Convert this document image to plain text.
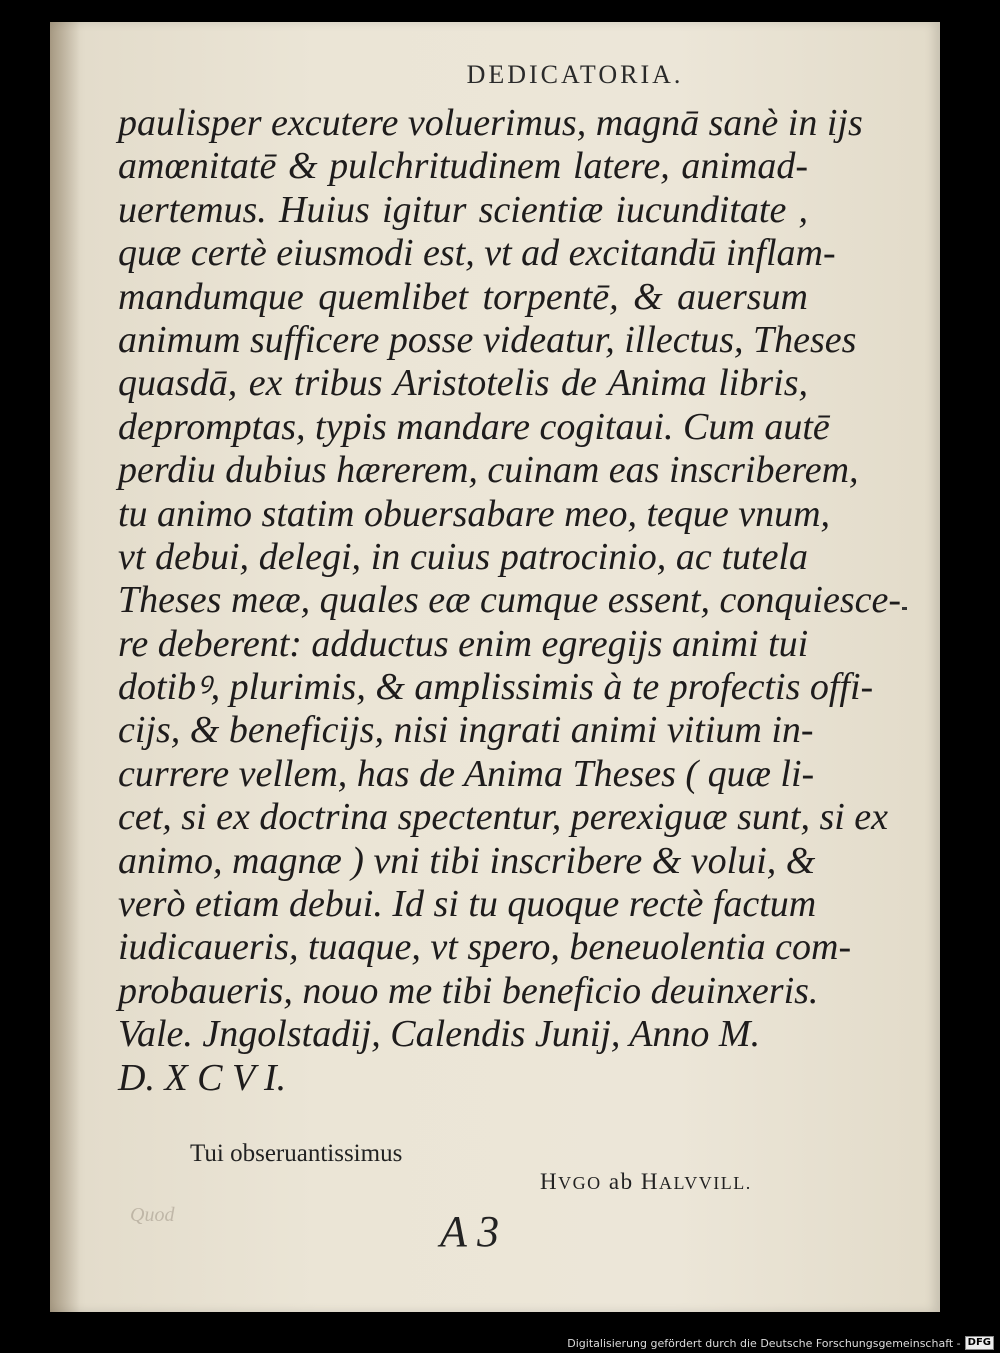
DEDICATORIA.
paulisper excutere voluerimus, magnā sanè in ijs
amœnitatē & pulchritudinem latere, animad-
uertemus. Huius igitur scientiæ iucunditate ,
quæ certè eiusmodi est, vt ad excitandū inflam-
mandumque quemlibet torpentē, & auersum
animum sufficere posse videatur, illectus, Theses
quasdā, ex tribus Aristotelis de Anima libris,
depromptas, typis mandare cogitaui. Cum autē
perdiu dubius hærerem, cuinam eas inscriberem,
tu animo statim obuersabare meo, teque vnum,
vt debui, delegi, in cuius patrocinio, ac tutela
Theses meæ, quales eæ cumque essent, conquiesce-
re deberent: adductus enim egregijs animi tui
dotibꝰ, plurimis, & amplissimis à te profectis offi-
cijs, & beneficijs, nisi ingrati animi vitium in-
currere vellem, has de Anima Theses ( quæ li-
cet, si ex doctrina spectentur, perexiguæ sunt, si ex
animo, magnæ ) vni tibi inscribere & volui, &
verò etiam debui. Id si tu quoque rectè factum
iudicaueris, tuaque, vt spero, beneuolentia com-
probaueris, nouo me tibi beneficio deuinxeris.
Vale. Jngolstadij, Calendis Junij, Anno M.
D. X C V I.
Tui obseruantissimus
HVGO ab HALVVILL.
A 3
Quod
Digitalisierung gefördert durch die Deutsche Forschungsgemeinschaft - DFG
